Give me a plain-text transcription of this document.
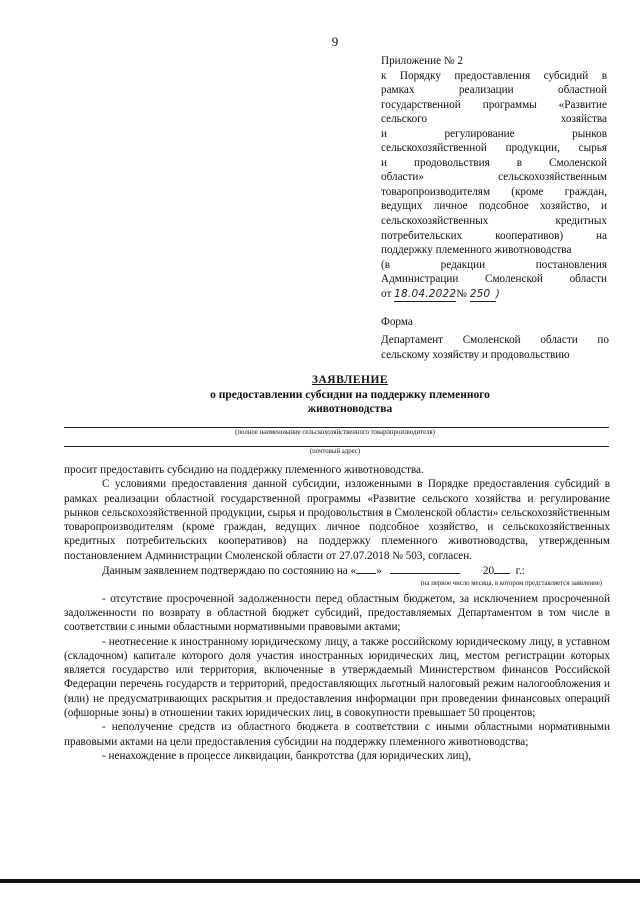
9
Приложение № 2
к Порядку предоставления субсидий в
рамках реализации областной
государственной программы «Развитие
сельского хозяйства
и регулирование рынков
сельскохозяйственной продукции, сырья
и продовольствия в Смоленской
области» сельскохозяйственным
товаропроизводителям (кроме граждан,
ведущих личное подсобное хозяйство, и
сельскохозяйственных кредитных
потребительских кооперативов) на
поддержку племенного животноводства
(в редакции постановления
Администрации Смоленской области
от 18.04.2022№ 250 )
Форма
Департамент Смоленской области по
сельскому хозяйству и продовольствию
ЗАЯВЛЕНИЕ
о предоставлении субсидии на поддержку племенного
животноводства
(полное наименование сельскохозяйственного товаропроизводителя)
(почтовый адрес)

просит предоставить субсидию на поддержку племенного животноводства.

С условиями предоставления данной субсидии, изложенными в Порядке предоставления субсидий в рамках реализации областной государственной программы «Развитие сельского хозяйства и регулирование рынков сельскохозяйственной продукции, сырья и продовольствия в Смоленской области» сельскохозяйственным товаропроизводителям (кроме граждан, ведущих личное подсобное хозяйство, и сельскохозяйственных кредитных потребительских кооперативов) на поддержку племенного животноводства, утвержденным постановлением Администрации Смоленской области от 27.07.2018 № 503, согласен.

Данным заявлением подтверждаю по состоянию на « »	20 г.:

(на первое число месяца, в котором представляется заявление)

- отсутствие просроченной задолженности перед областным бюджетом, за исключением просроченной задолженности по возврату в областной бюджет субсидий, предоставляемых Департаментом в том числе в соответствии с иными областными нормативными правовыми актами;

- неотнесение к иностранному юридическому лицу, а также российскому юридическому лицу, в уставном (складочном) капитале которого доля участия иностранных юридических лиц, местом регистрации которых является государство или территория, включенные в утверждаемый Министерством финансов Российской Федерации перечень государств и территорий, предоставляющих льготный налоговый режим налогообложения и (или) не предусматривающих раскрытия и предоставления информации при проведении финансовых операций (офшорные зоны) в отношении таких юридических лиц, в совокупности превышает 50 процентов;

- неполучение средств из областного бюджета в соответствии с иными областными нормативными правовыми актами на цели предоставления субсидии на поддержку племенного животноводства;

- ненахождение в процессе ликвидации, банкротства (для юридических лиц),
